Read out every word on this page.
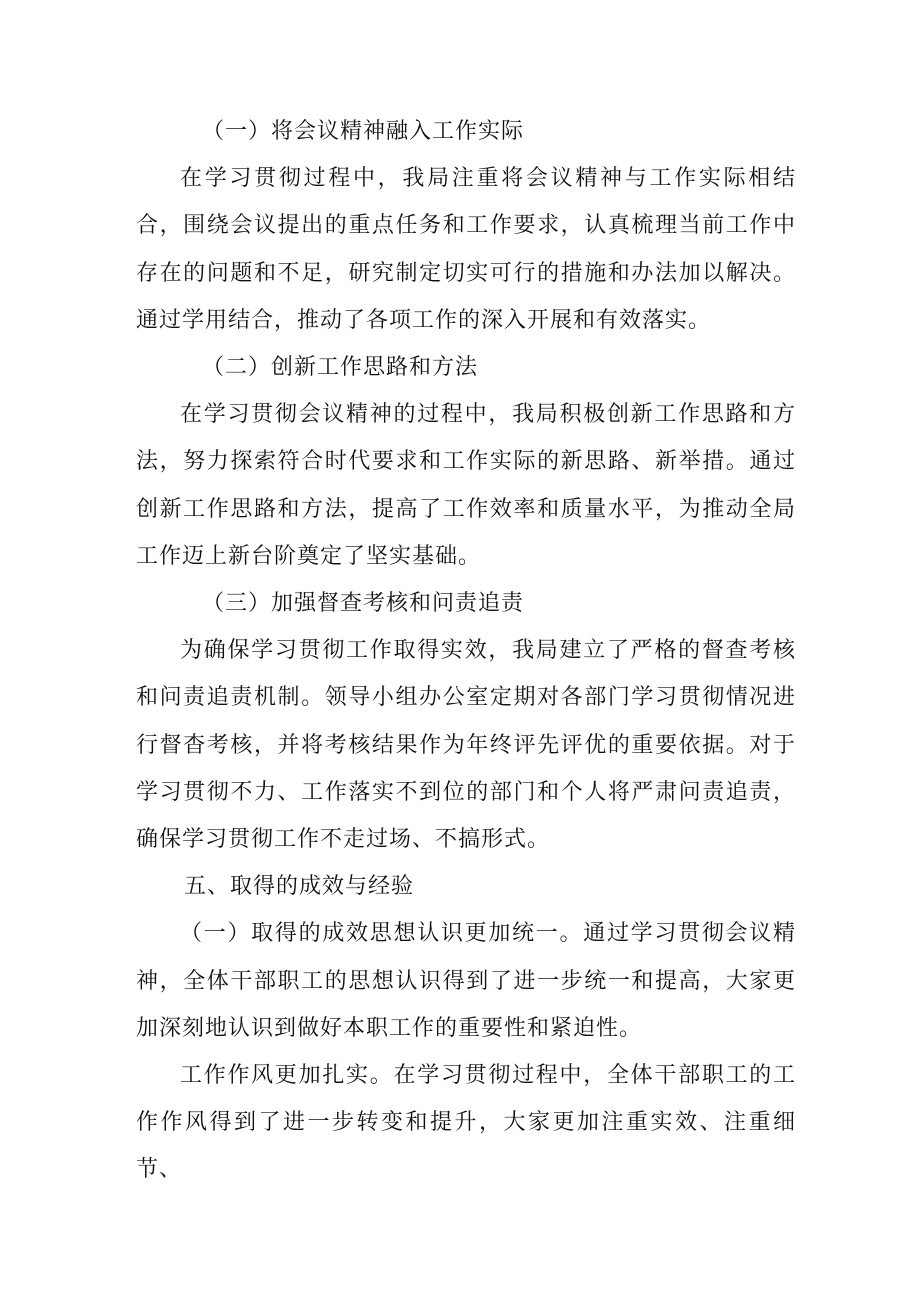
（一）将会议精神融入工作实际

在学习贯彻过程中，我局注重将会议精神与工作实际相结合，围绕会议提出的重点任务和工作要求，认真梳理当前工作中存在的问题和不足，研究制定切实可行的措施和办法加以解决。通过学用结合，推动了各项工作的深入开展和有效落实。

（二）创新工作思路和方法

在学习贯彻会议精神的过程中，我局积极创新工作思路和方法，努力探索符合时代要求和工作实际的新思路、新举措。通过创新工作思路和方法，提高了工作效率和质量水平，为推动全局工作迈上新台阶奠定了坚实基础。

（三）加强督查考核和问责追责

为确保学习贯彻工作取得实效，我局建立了严格的督查考核和问责追责机制。领导小组办公室定期对各部门学习贯彻情况进行督杳考核，并将考核结果作为年终评先评优的重要依据。对于学习贯彻不力、工作落实不到位的部门和个人将严肃问责追责，确保学习贯彻工作不走过场、不搞形式。

五、取得的成效与经验

（一）取得的成效思想认识更加统一。通过学习贯彻会议精神，全体干部职工的思想认识得到了进一步统一和提高，大家更加深刻地认识到做好本职工作的重要性和紧迫性。

工作作风更加扎实。在学习贯彻过程中，全体干部职工的工作作风得到了进一步转变和提升，大家更加注重实效、注重细节、
